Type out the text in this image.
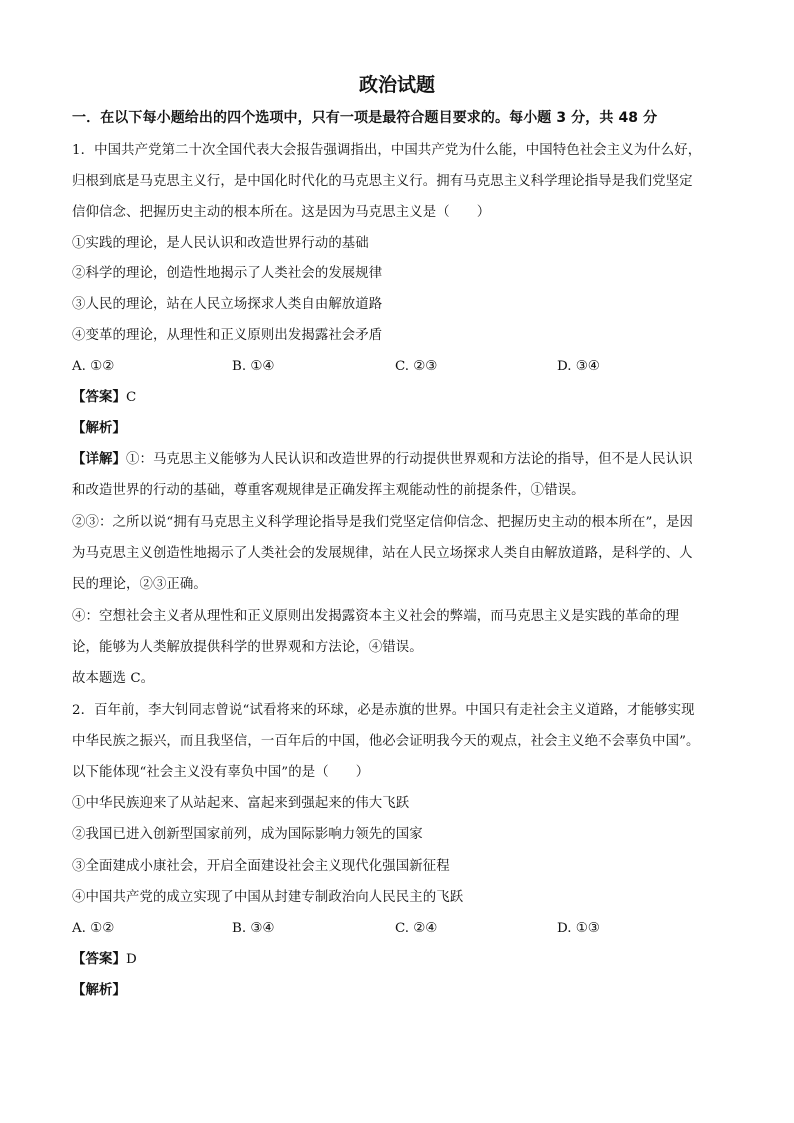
政治试题
一．在以下每小题给出的四个选项中，只有一项是最符合题目要求的。每小题 3 分，共 48 分
1．中国共产党第二十次全国代表大会报告强调指出，中国共产党为什么能，中国特色社会主义为什么好，
归根到底是马克思主义行，是中国化时代化的马克思主义行。拥有马克思主义科学理论指导是我们党坚定
信仰信念、把握历史主动的根本所在。这是因为马克思主义是（　　）
①实践的理论，是人民认识和改造世界行动的基础
②科学的理论，创造性地揭示了人类社会的发展规律
③人民的理论，站在人民立场探求人类自由解放道路
④变革的理论，从理性和正义原则出发揭露社会矛盾
A. ①②	B. ①④	C. ②③	D. ③④
【答案】C
【解析】
【详解】①：马克思主义能够为人民认识和改造世界的行动提供世界观和方法论的指导，但不是人民认识
和改造世界的行动的基础，尊重客观规律是正确发挥主观能动性的前提条件，①错误。
②③：之所以说“拥有马克思主义科学理论指导是我们党坚定信仰信念、把握历史主动的根本所在”，是因
为马克思主义创造性地揭示了人类社会的发展规律，站在人民立场探求人类自由解放道路，是科学的、人
民的理论，②③正确。
④：空想社会主义者从理性和正义原则出发揭露资本主义社会的弊端，而马克思主义是实践的革命的理
论，能够为人类解放提供科学的世界观和方法论，④错误。
故本题选 C。
2．百年前，李大钊同志曾说“试看将来的环球，必是赤旗的世界。中国只有走社会主义道路，才能够实现
中华民族之振兴，而且我坚信，一百年后的中国，他必会证明我今天的观点，社会主义绝不会辜负中国”。
以下能体现“社会主义没有辜负中国”的是（　　）
①中华民族迎来了从站起来、富起来到强起来的伟大飞跃
②我国已进入创新型国家前列，成为国际影响力领先的国家
③全面建成小康社会，开启全面建设社会主义现代化强国新征程
④中国共产党的成立实现了中国从封建专制政治向人民民主的飞跃
A. ①②	B. ③④	C. ②④	D. ①③
【答案】D
【解析】
